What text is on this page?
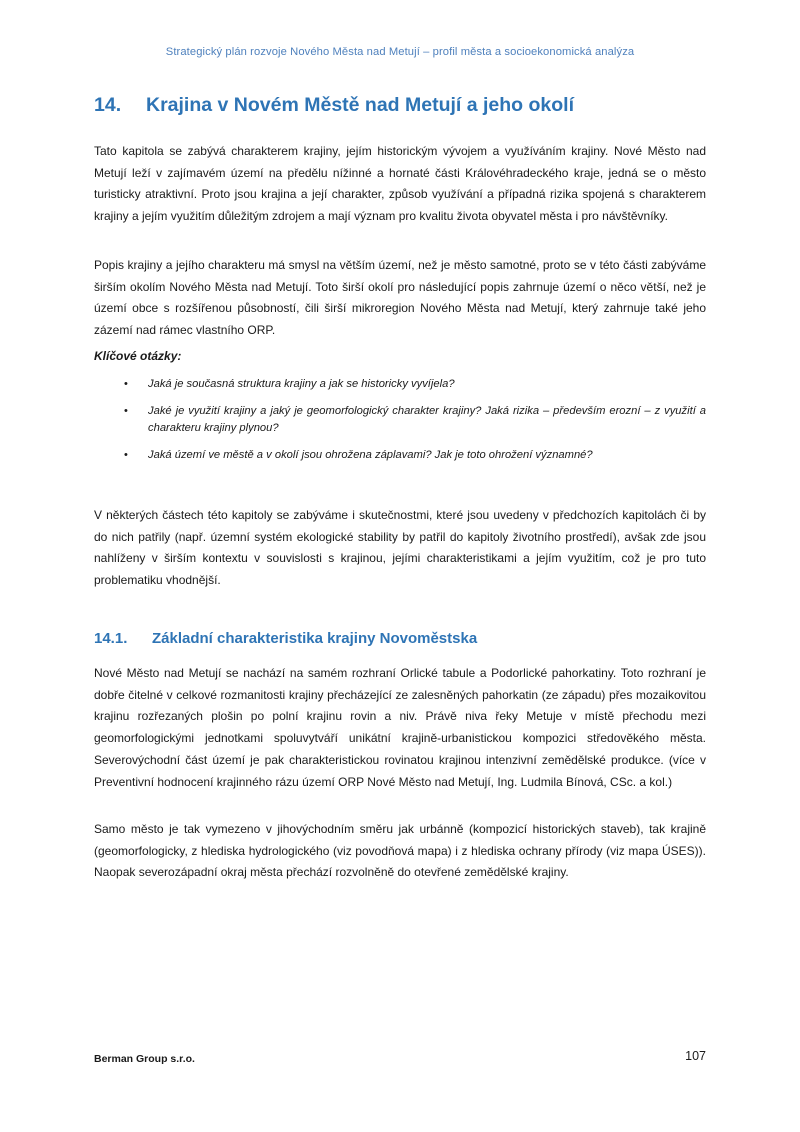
Strategický plán rozvoje Nového Města nad Metují – profil města a socioekonomická analýza
14. Krajina v Novém Městě nad Metují a jeho okolí

Tato kapitola se zabývá charakterem krajiny, jejím historickým vývojem a využíváním krajiny. Nové Město nad Metují leží v zajímavém území na předělu nížinné a hornaté části Královéhradeckého kraje, jedná se o město turisticky atraktivní. Proto jsou krajina a její charakter, způsob využívání a případná rizika spojená s charakterem krajiny a jejím využitím důležitým zdrojem a mají význam pro kvalitu života obyvatel města i pro návštěvníky.

Popis krajiny a jejího charakteru má smysl na větším území, než je město samotné, proto se v této části zabýváme širším okolím Nového Města nad Metují. Toto širší okolí pro následující popis zahrnuje území o něco větší, než je území obce s rozšířenou působností, čili širší mikroregion Nového Města nad Metují, který zahrnuje také jeho zázemí nad rámec vlastního ORP.

Klíčové otázky:

• Jaká je současná struktura krajiny a jak se historicky vyvíjela?
• Jaké je využití krajiny a jaký je geomorfologický charakter krajiny? Jaká rizika – především erozní – z využití a charakteru krajiny plynou?
• Jaká území ve městě a v okolí jsou ohrožena záplavami? Jak je toto ohrožení významné?

V některých částech této kapitoly se zabýváme i skutečnostmi, které jsou uvedeny v předchozích kapitolách či by do nich patřily (např. územní systém ekologické stability by patřil do kapitoly životního prostředí), avšak zde jsou nahlíženy v širším kontextu v souvislosti s krajinou, jejími charakteristikami a jejím využitím, což je pro tuto problematiku vhodnější.

14.1. Základní charakteristika krajiny Novoměstska

Nové Město nad Metují se nachází na samém rozhraní Orlické tabule a Podorlické pahorkatiny. Toto rozhraní je dobře čitelné v celkové rozmanitosti krajiny přecházející ze zalesněných pahorkatin (ze západu) přes mozaikovitou krajinu rozřezaných plošin po polní krajinu rovin a niv. Právě niva řeky Metuje v místě přechodu mezi geomorfologickými jednotkami spoluvytváří unikátní krajině-urbanistickou kompozici středověkého města. Severovýchodní část území je pak charakteristickou rovinatou krajinou intenzivní zemědělské produkce. (více v Preventivní hodnocení krajinného rázu území ORP Nové Město nad Metují, Ing. Ludmila Bínová, CSc. a kol.)

Samo město je tak vymezeno v jihovýchodním směru jak urbánně (kompozicí historických staveb), tak krajině (geomorfologicky, z hlediska hydrologického (viz povodňová mapa) i z hlediska ochrany přírody (viz mapa ÚSES)). Naopak severozápadní okraj města přechází rozvolněně do otevřené zemědělské krajiny.

Berman Group s.r.o.	107
